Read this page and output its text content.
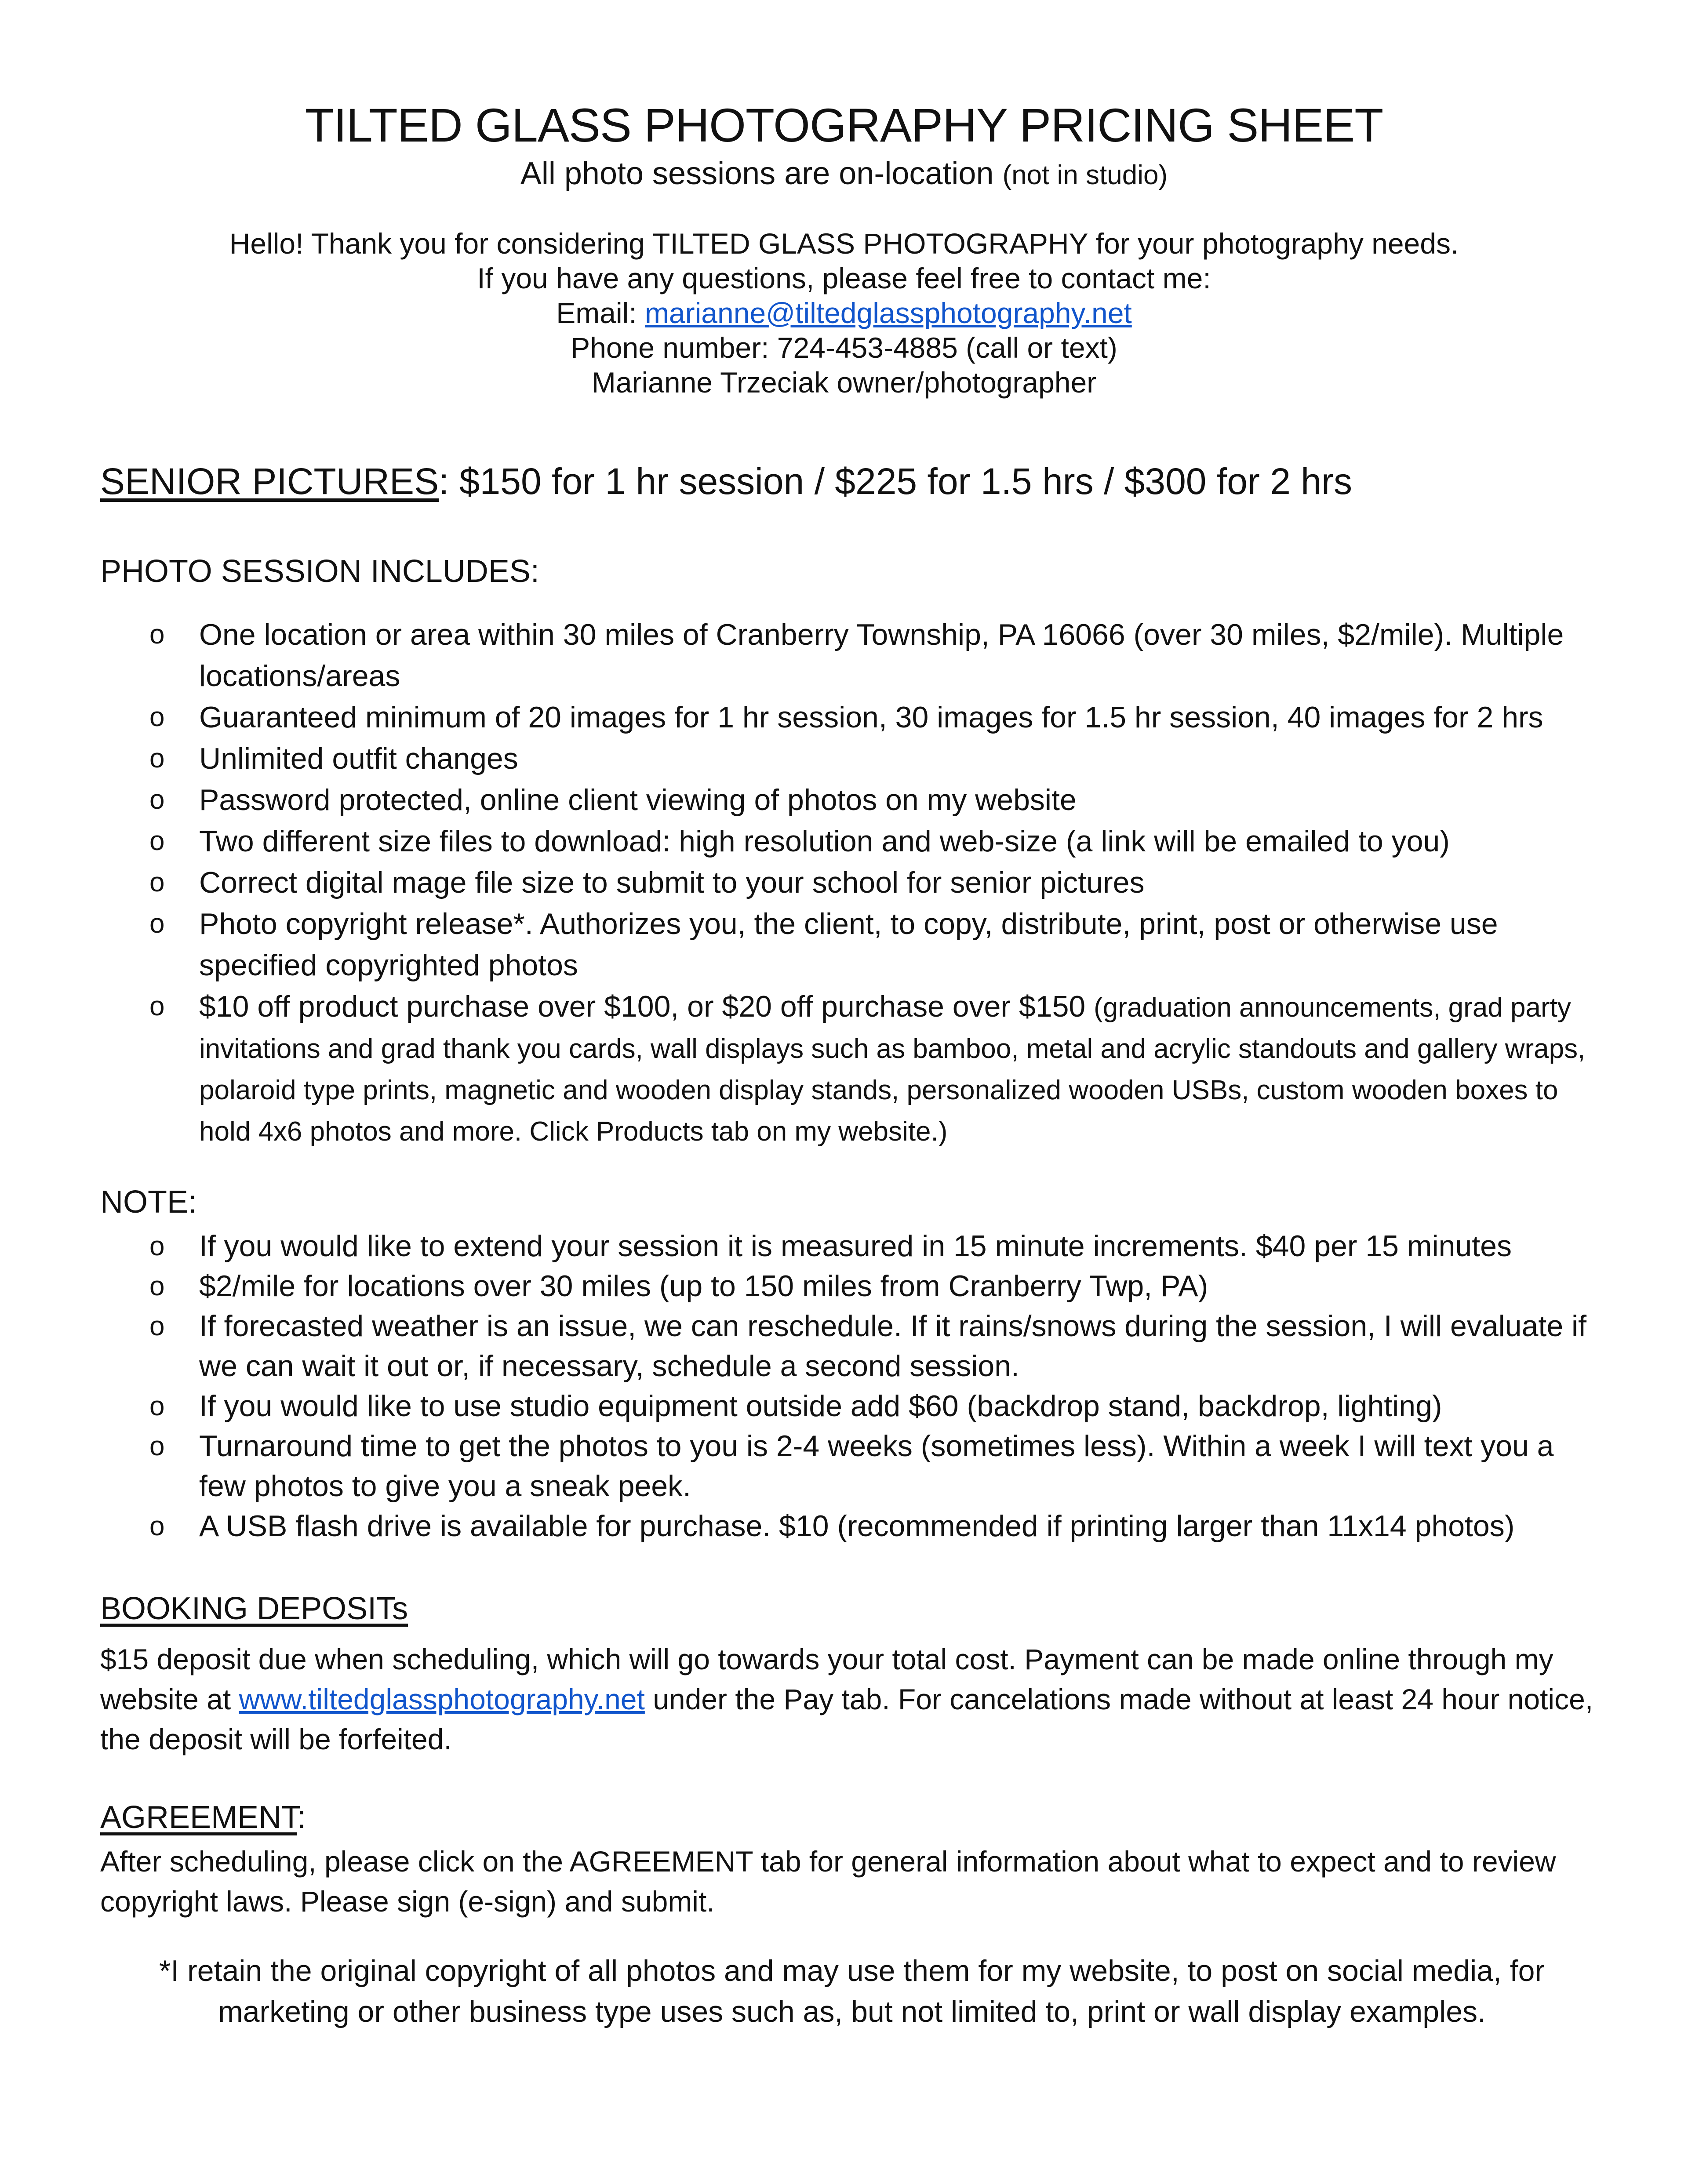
TILTED GLASS PHOTOGRAPHY PRICING SHEET
All photo sessions are on-location (not in studio)
Hello! Thank you for considering TILTED GLASS PHOTOGRAPHY for your photography needs.
If you have any questions, please feel free to contact me:
Email: marianne@tiltedglassphotography.net
Phone number: 724-453-4885 (call or text)
Marianne Trzeciak owner/photographer
SENIOR PICTURES: $150 for 1 hr session / $225 for 1.5 hrs / $300 for 2 hrs
PHOTO SESSION INCLUDES:
o One location or area within 30 miles of Cranberry Township, PA 16066 (over 30 miles, $2/mile). Multiple locations/areas
o Guaranteed minimum of 20 images for 1 hr session, 30 images for 1.5 hr session, 40 images for 2 hrs
o Unlimited outfit changes
o Password protected, online client viewing of photos on my website
o Two different size files to download: high resolution and web-size (a link will be emailed to you)
o Correct digital mage file size to submit to your school for senior pictures
o Photo copyright release*. Authorizes you, the client, to copy, distribute, print, post or otherwise use specified copyrighted photos
o $10 off product purchase over $100, or $20 off purchase over $150 (graduation announcements, grad party invitations and grad thank you cards, wall displays such as bamboo, metal and acrylic standouts and gallery wraps, polaroid type prints, magnetic and wooden display stands, personalized wooden USBs, custom wooden boxes to hold 4x6 photos and more. Click Products tab on my website.)
NOTE:
o If you would like to extend your session it is measured in 15 minute increments. $40 per 15 minutes
o $2/mile for locations over 30 miles (up to 150 miles from Cranberry Twp, PA)
o If forecasted weather is an issue, we can reschedule. If it rains/snows during the session, I will evaluate if we can wait it out or, if necessary, schedule a second session.
o If you would like to use studio equipment outside add $60 (backdrop stand, backdrop, lighting)
o Turnaround time to get the photos to you is 2-4 weeks (sometimes less). Within a week I will text you a few photos to give you a sneak peek.
o A USB flash drive is available for purchase. $10 (recommended if printing larger than 11x14 photos)
BOOKING DEPOSITs
$15 deposit due when scheduling, which will go towards your total cost. Payment can be made online through my website at www.tiltedglassphotography.net under the Pay tab. For cancelations made without at least 24 hour notice, the deposit will be forfeited.
AGREEMENT:
After scheduling, please click on the AGREEMENT tab for general information about what to expect and to review copyright laws. Please sign (e-sign) and submit.
*I retain the original copyright of all photos and may use them for my website, to post on social media, for marketing or other business type uses such as, but not limited to, print or wall display examples.
